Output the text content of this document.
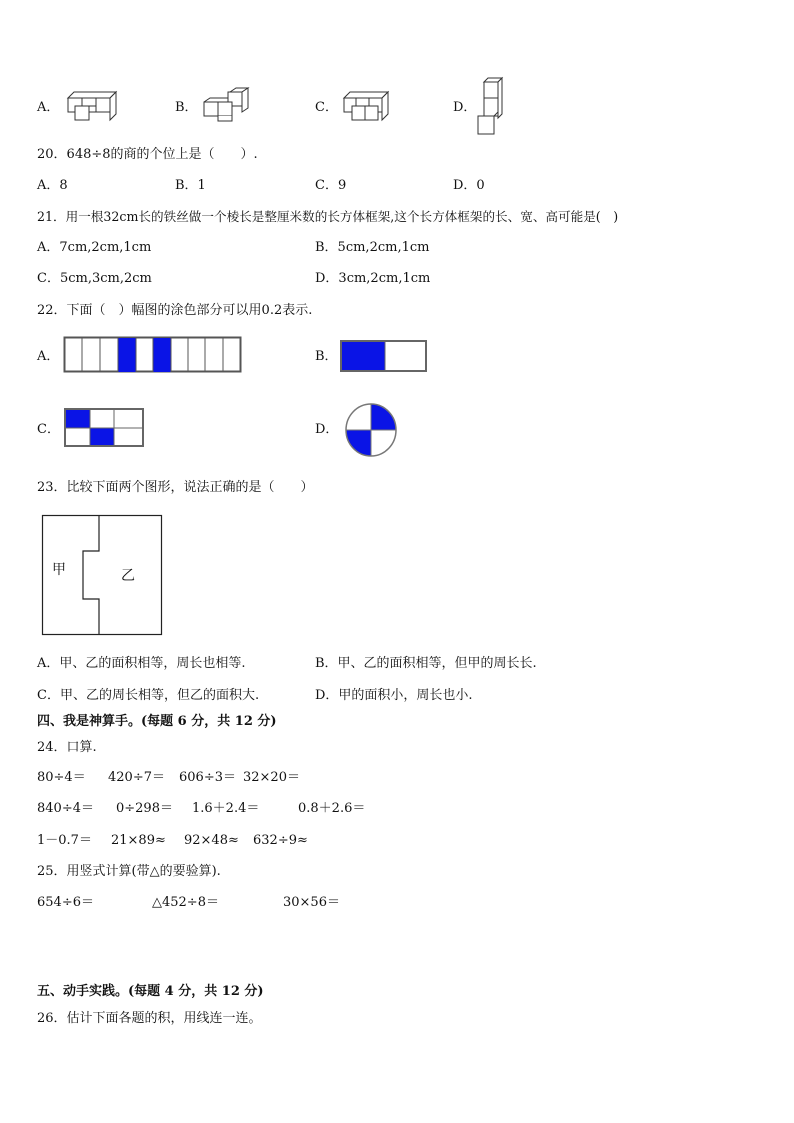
A．	B．	C．	D．
20．648÷8的商的个位上是（　　）.
A．8	B．1	C．9	D．0
21．用一根32cm长的铁丝做一个棱长是整厘米数的长方体框架,这个长方体框架的长、宽、高可能是(　)
A．7cm,2cm,1cm	B．5cm,2cm,1cm
C．5cm,3cm,2cm	D．3cm,2cm,1cm
22．下面（　）幅图的涂色部分可以用0.2表示.
A．	B．
C．	D．
23．比较下面两个图形，说法正确的是（　　）
甲	乙
A．甲、乙的面积相等，周长也相等.	B．甲、乙的面积相等，但甲的周长长.
C．甲、乙的周长相等，但乙的面积大.	D．甲的面积小，周长也小.
四、我是神算手。(每题 6 分，共 12 分)
24．口算.
80÷4＝ 420÷7＝ 606÷3＝ 32×20＝
840÷4＝ 0÷298＝ 1.6＋2.4＝	0.8＋2.6＝
1－0.7＝ 21×89≈ 92×48≈ 632÷9≈
25．用竖式计算(带△的要验算).
654÷6＝	△452÷8＝	30×56＝
五、动手实践。(每题 4 分，共 12 分)
26．估计下面各题的积，用线连一连。
